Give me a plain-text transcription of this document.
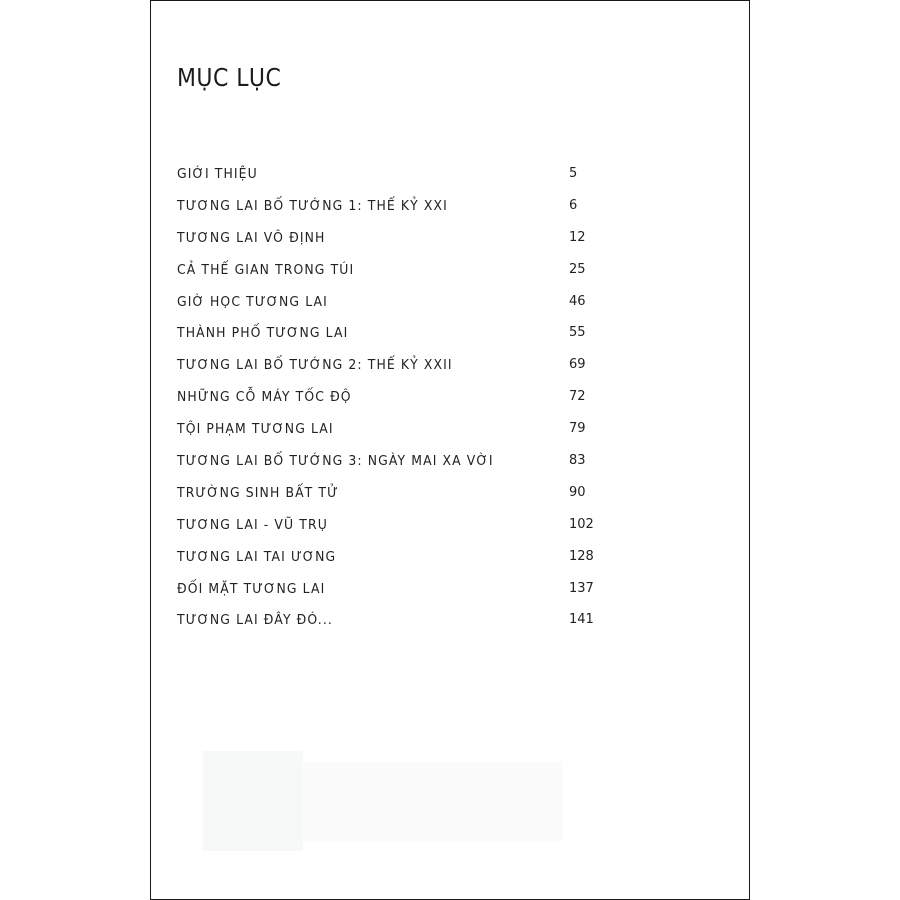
MỤC LỤC
GIỚI THIỆU	5
TƯƠNG LAI BỐ TƯỚNG 1: THẾ KỶ XXI	6
TƯƠNG LAI VÔ ĐỊNH	12
CẢ THẾ GIAN TRONG TÚI	25
GIỜ HỌC TƯƠNG LAI	46
THÀNH PHỐ TƯƠNG LAI	55
TƯƠNG LAI BỐ TƯỚNG 2: THẾ KỶ XXII	69
NHỮNG CỖ MÁY TỐC ĐỘ	72
TỘI PHẠM TƯƠNG LAI	79
TƯƠNG LAI BỐ TƯỚNG 3: NGÀY MAI XA VỜI	83
TRƯỜNG SINH BẤT TỬ	90
TƯƠNG LAI - VŨ TRỤ	102
TƯƠNG LAI TAI ƯƠNG	128
ĐỐI MẶT TƯƠNG LAI	137
TƯƠNG LAI ĐÂY ĐÓ...	141
